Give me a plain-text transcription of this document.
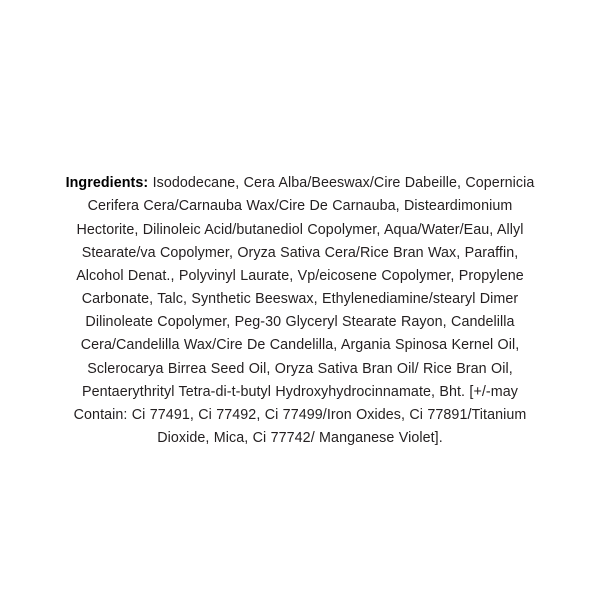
Ingredients: Isododecane, Cera Alba/Beeswax/Cire Dabeille, Copernicia Cerifera Cera/Carnauba Wax/Cire De Carnauba, Disteardimonium Hectorite, Dilinoleic Acid/butanediol Copolymer, Aqua/Water/Eau, Allyl Stearate/va Copolymer, Oryza Sativa Cera/Rice Bran Wax, Paraffin, Alcohol Denat., Polyvinyl Laurate, Vp/eicosene Copolymer, Propylene Carbonate, Talc, Synthetic Beeswax, Ethylenediamine/stearyl Dimer Dilinoleate Copolymer, Peg-30 Glyceryl Stearate Rayon, Candelilla Cera/Candelilla Wax/Cire De Candelilla, Argania Spinosa Kernel Oil, Sclerocarya Birrea Seed Oil, Oryza Sativa Bran Oil/ Rice Bran Oil, Pentaerythrityl Tetra-di-t-butyl Hydroxyhydrocinnamate, Bht. [+/-may Contain: Ci 77491, Ci 77492, Ci 77499/Iron Oxides, Ci 77891/Titanium Dioxide, Mica, Ci 77742/ Manganese Violet].
